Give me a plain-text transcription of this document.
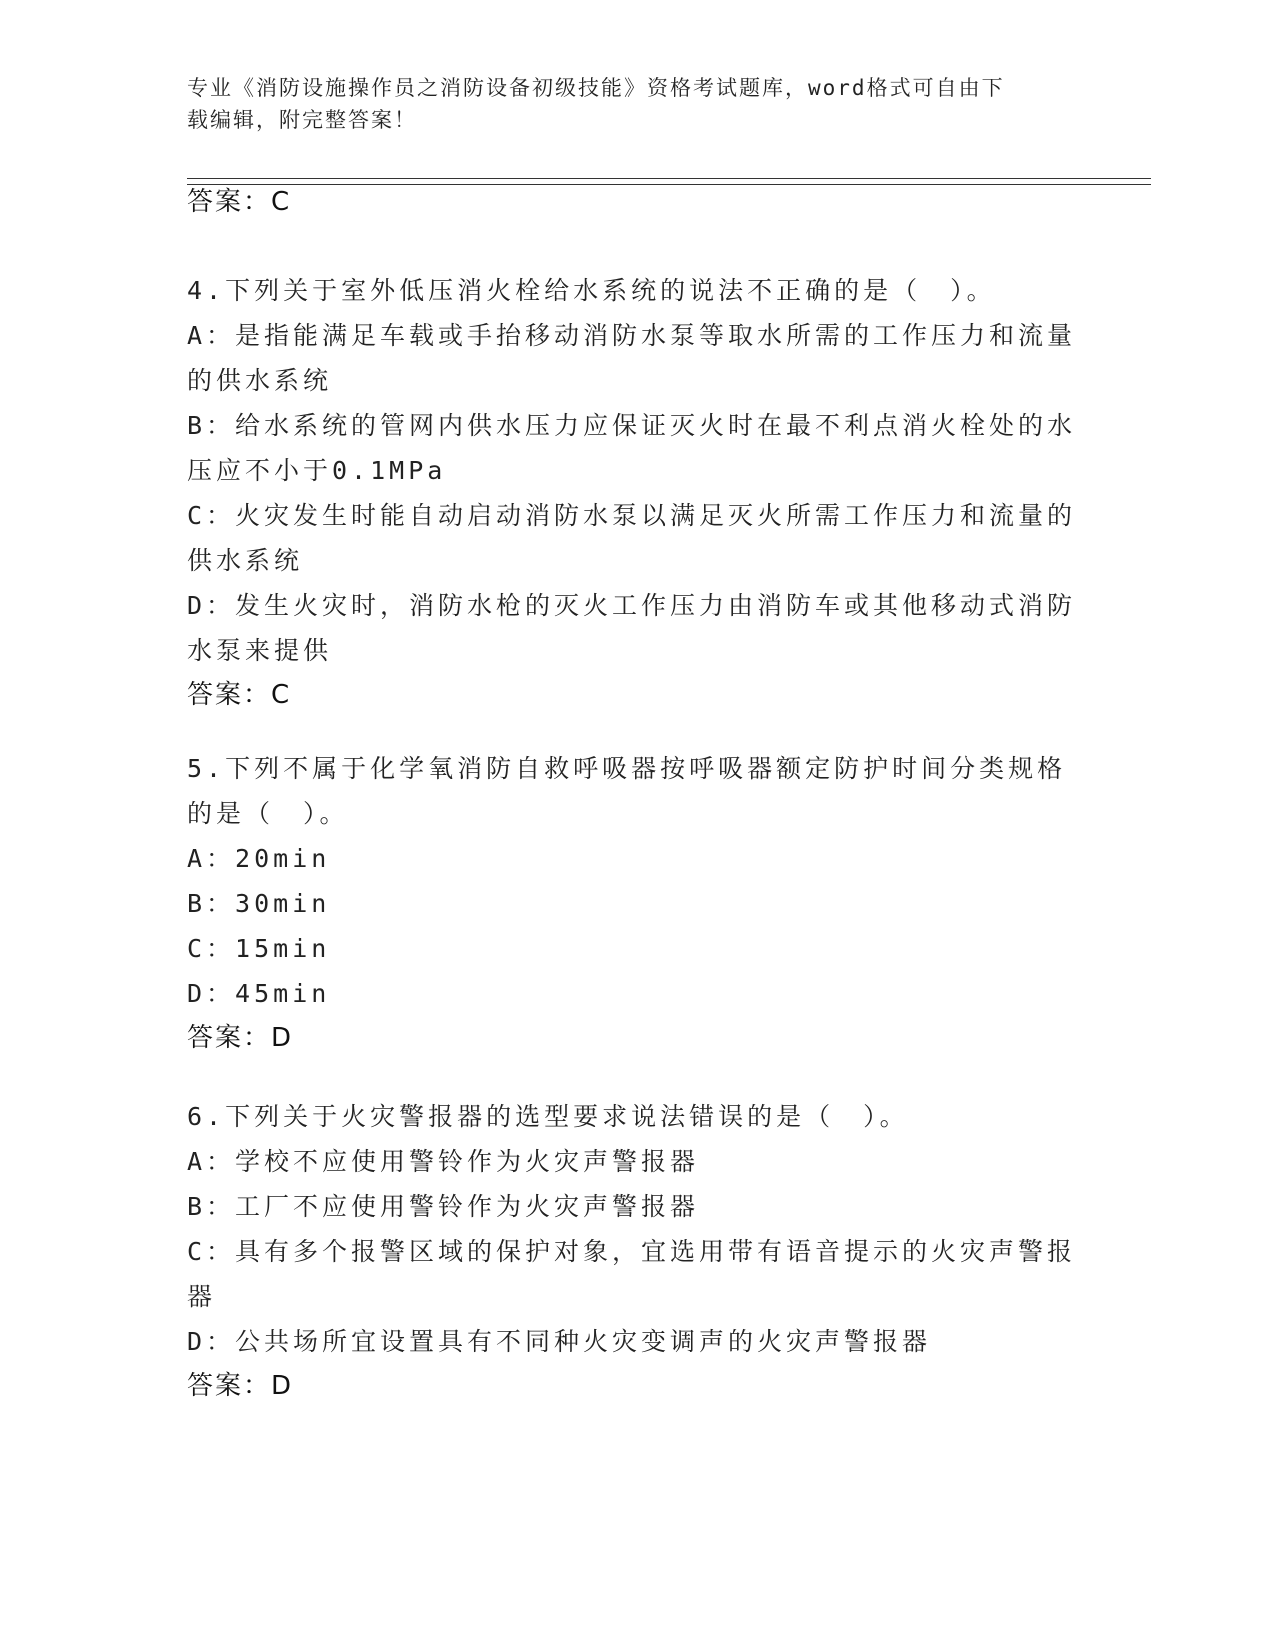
专业《消防设施操作员之消防设备初级技能》资格考试题库，word格式可自由下
载编辑，附完整答案！
答案：C
4.下列关于室外低压消火栓给水系统的说法不正确的是（　）。
A：是指能满足车载或手抬移动消防水泵等取水所需的工作压力和流量
的供水系统
B：给水系统的管网内供水压力应保证灭火时在最不利点消火栓处的水
压应不小于0.1MPa
C：火灾发生时能自动启动消防水泵以满足灭火所需工作压力和流量的
供水系统
D：发生火灾时，消防水枪的灭火工作压力由消防车或其他移动式消防
水泵来提供
答案：C
5.下列不属于化学氧消防自救呼吸器按呼吸器额定防护时间分类规格
的是（　）。
A：20min
B：30min
C：15min
D：45min
答案：D
6.下列关于火灾警报器的选型要求说法错误的是（　）。
A：学校不应使用警铃作为火灾声警报器
B：工厂不应使用警铃作为火灾声警报器
C：具有多个报警区域的保护对象，宜选用带有语音提示的火灾声警报
器
D：公共场所宜设置具有不同种火灾变调声的火灾声警报器
答案：D
